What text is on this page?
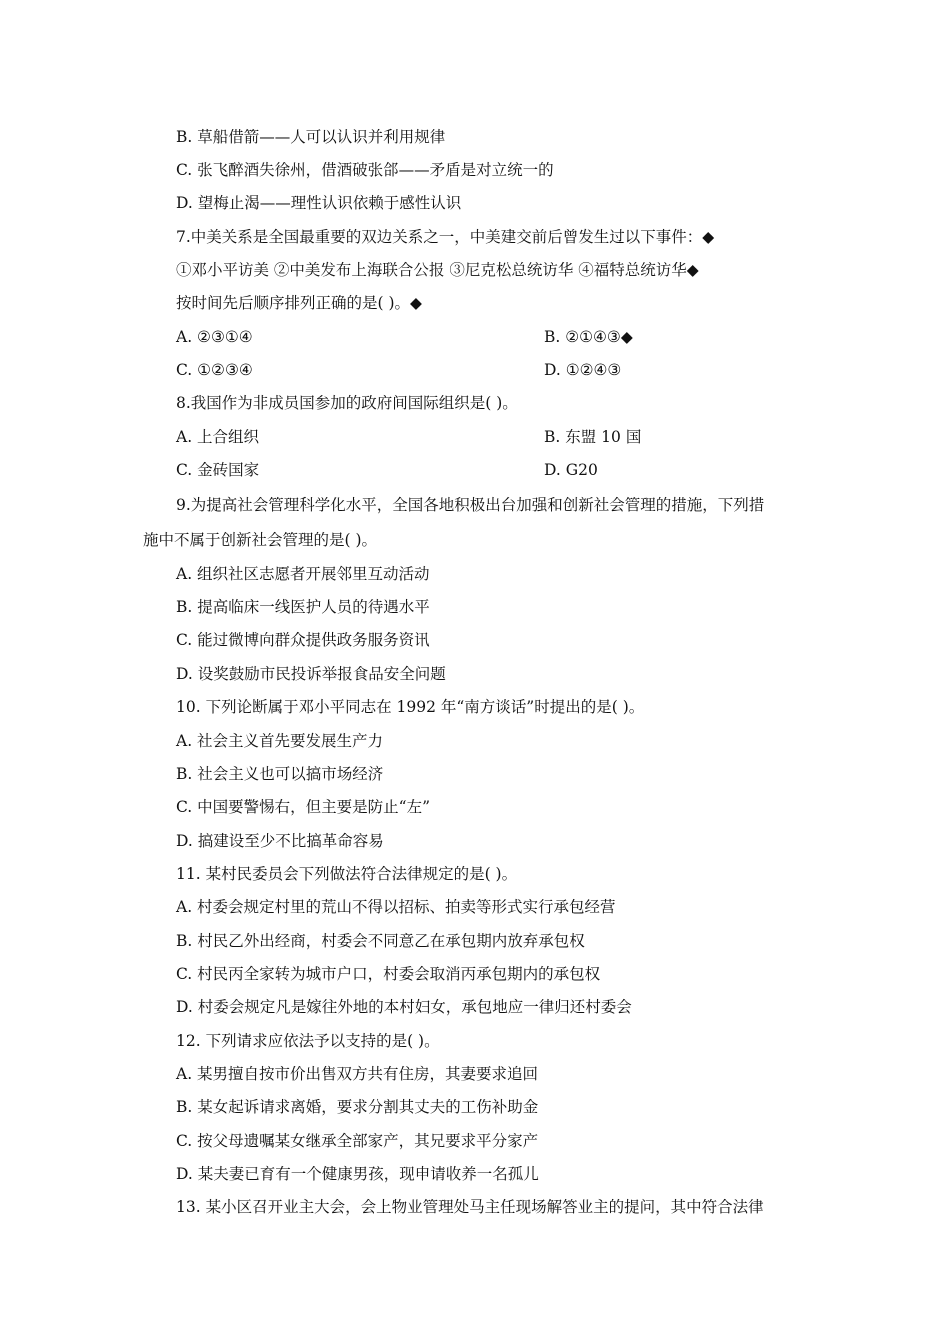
B. 草船借箭——人可以认识并利用规律
C. 张飞醉酒失徐州，借酒破张郃——矛盾是对立统一的
D. 望梅止渴——理性认识依赖于感性认识
7.中美关系是全国最重要的双边关系之一，中美建交前后曾发生过以下事件：◆
①邓小平访美 ②中美发布上海联合公报 ③尼克松总统访华 ④福特总统访华◆
按时间先后顺序排列正确的是( )。◆
A. ②③①④	B. ②①④③◆
C. ①②③④	D. ①②④③
8.我国作为非成员国参加的政府间国际组织是( )。
A. 上合组织	B. 东盟 10 国
C. 金砖国家	D. G20
9.为提高社会管理科学化水平，全国各地积极出台加强和创新社会管理的措施，下列措
施中不属于创新社会管理的是( )。
A. 组织社区志愿者开展邻里互动活动
B. 提高临床一线医护人员的待遇水平
C. 能过微博向群众提供政务服务资讯
D. 设奖鼓励市民投诉举报食品安全问题
10. 下列论断属于邓小平同志在 1992 年“南方谈话”时提出的是( )。
A. 社会主义首先要发展生产力
B. 社会主义也可以搞市场经济
C. 中国要警惕右，但主要是防止“左”
D. 搞建设至少不比搞革命容易
11. 某村民委员会下列做法符合法律规定的是( )。
A. 村委会规定村里的荒山不得以招标、拍卖等形式实行承包经营
B. 村民乙外出经商，村委会不同意乙在承包期内放弃承包权
C. 村民丙全家转为城市户口，村委会取消丙承包期内的承包权
D. 村委会规定凡是嫁往外地的本村妇女，承包地应一律归还村委会
12. 下列请求应依法予以支持的是( )。
A. 某男擅自按市价出售双方共有住房，其妻要求追回
B. 某女起诉请求离婚，要求分割其丈夫的工伤补助金
C. 按父母遗嘱某女继承全部家产，其兄要求平分家产
D. 某夫妻已育有一个健康男孩，现申请收养一名孤儿
13. 某小区召开业主大会，会上物业管理处马主任现场解答业主的提问，其中符合法律
